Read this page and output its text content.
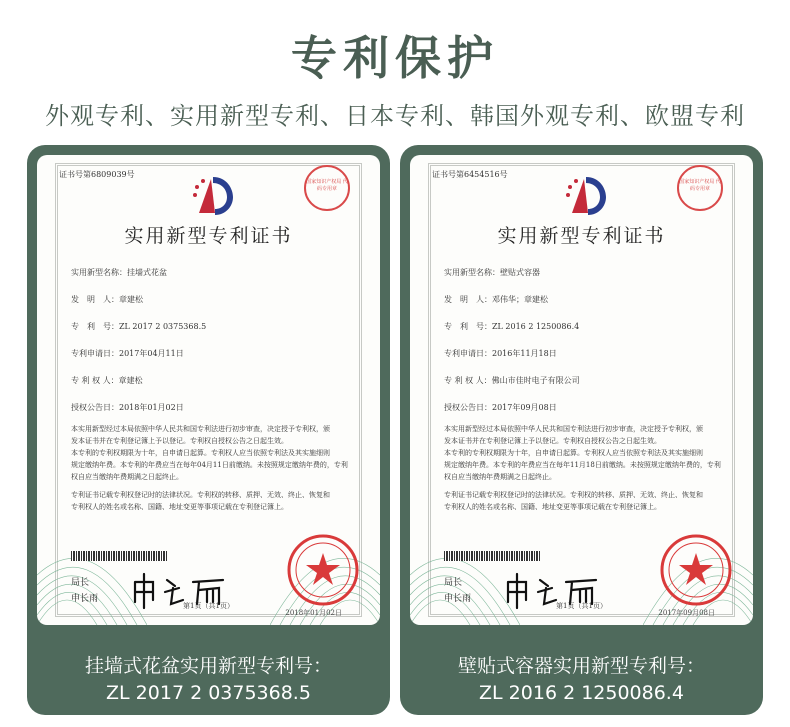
专利保护
外观专利、实用新型专利、日本专利、韩国外观专利、欧盟专利
证书号第6809039号
国家知识产权局 代码专用章
实用新型专利证书
实用新型名称：挂墙式花盆
发　明　人：章建松
专　利　号：ZL 2017 2 0375368.5
专利申请日：2017年04月11日
专 利 权 人：章建松
授权公告日：2018年01月02日
本实用新型经过本局依照中华人民共和国专利法进行初步审查，决定授予专利权，颁
发本证书并在专利登记簿上予以登记。专利权自授权公告之日起生效。
本专利的专利权期限为十年，自申请日起算。专利权人应当依照专利法及其实施细则
规定缴纳年费。本专利的年费应当在每年04月11日前缴纳。未按照规定缴纳年费的，专利
权自应当缴纳年费期满之日起终止。
专利证书记载专利权登记时的法律状况。专利权的转移、质押、无效、终止、恢复和
专利权人的姓名或名称、国籍、地址变更等事项记载在专利登记簿上。
局长
申长雨
2018年01月02日
第1页（共1页）
挂墙式花盆实用新型专利号：
ZL 2017 2 0375368.5
证书号第6454516号
国家知识产权局 代码专用章
实用新型专利证书
实用新型名称：壁贴式容器
发　明　人：邓伟华；章建松
专　利　号：ZL 2016 2 1250086.4
专利申请日：2016年11月18日
专 利 权 人：佛山市佳时电子有限公司
授权公告日：2017年09月08日
本实用新型经过本局依照中华人民共和国专利法进行初步审查，决定授予专利权，颁
发本证书并在专利登记簿上予以登记。专利权自授权公告之日起生效。
本专利的专利权期限为十年，自申请日起算。专利权人应当依照专利法及其实施细则
规定缴纳年费。本专利的年费应当在每年11月18日前缴纳。未按照规定缴纳年费的，专利
权自应当缴纳年费期满之日起终止。
专利证书记载专利权登记时的法律状况。专利权的转移、质押、无效、终止、恢复和
专利权人的姓名或名称、国籍、地址变更等事项记载在专利登记簿上。
局长
申长雨
2017年09月08日
第1页（共1页）
壁贴式容器实用新型专利号：
ZL 2016 2 1250086.4
